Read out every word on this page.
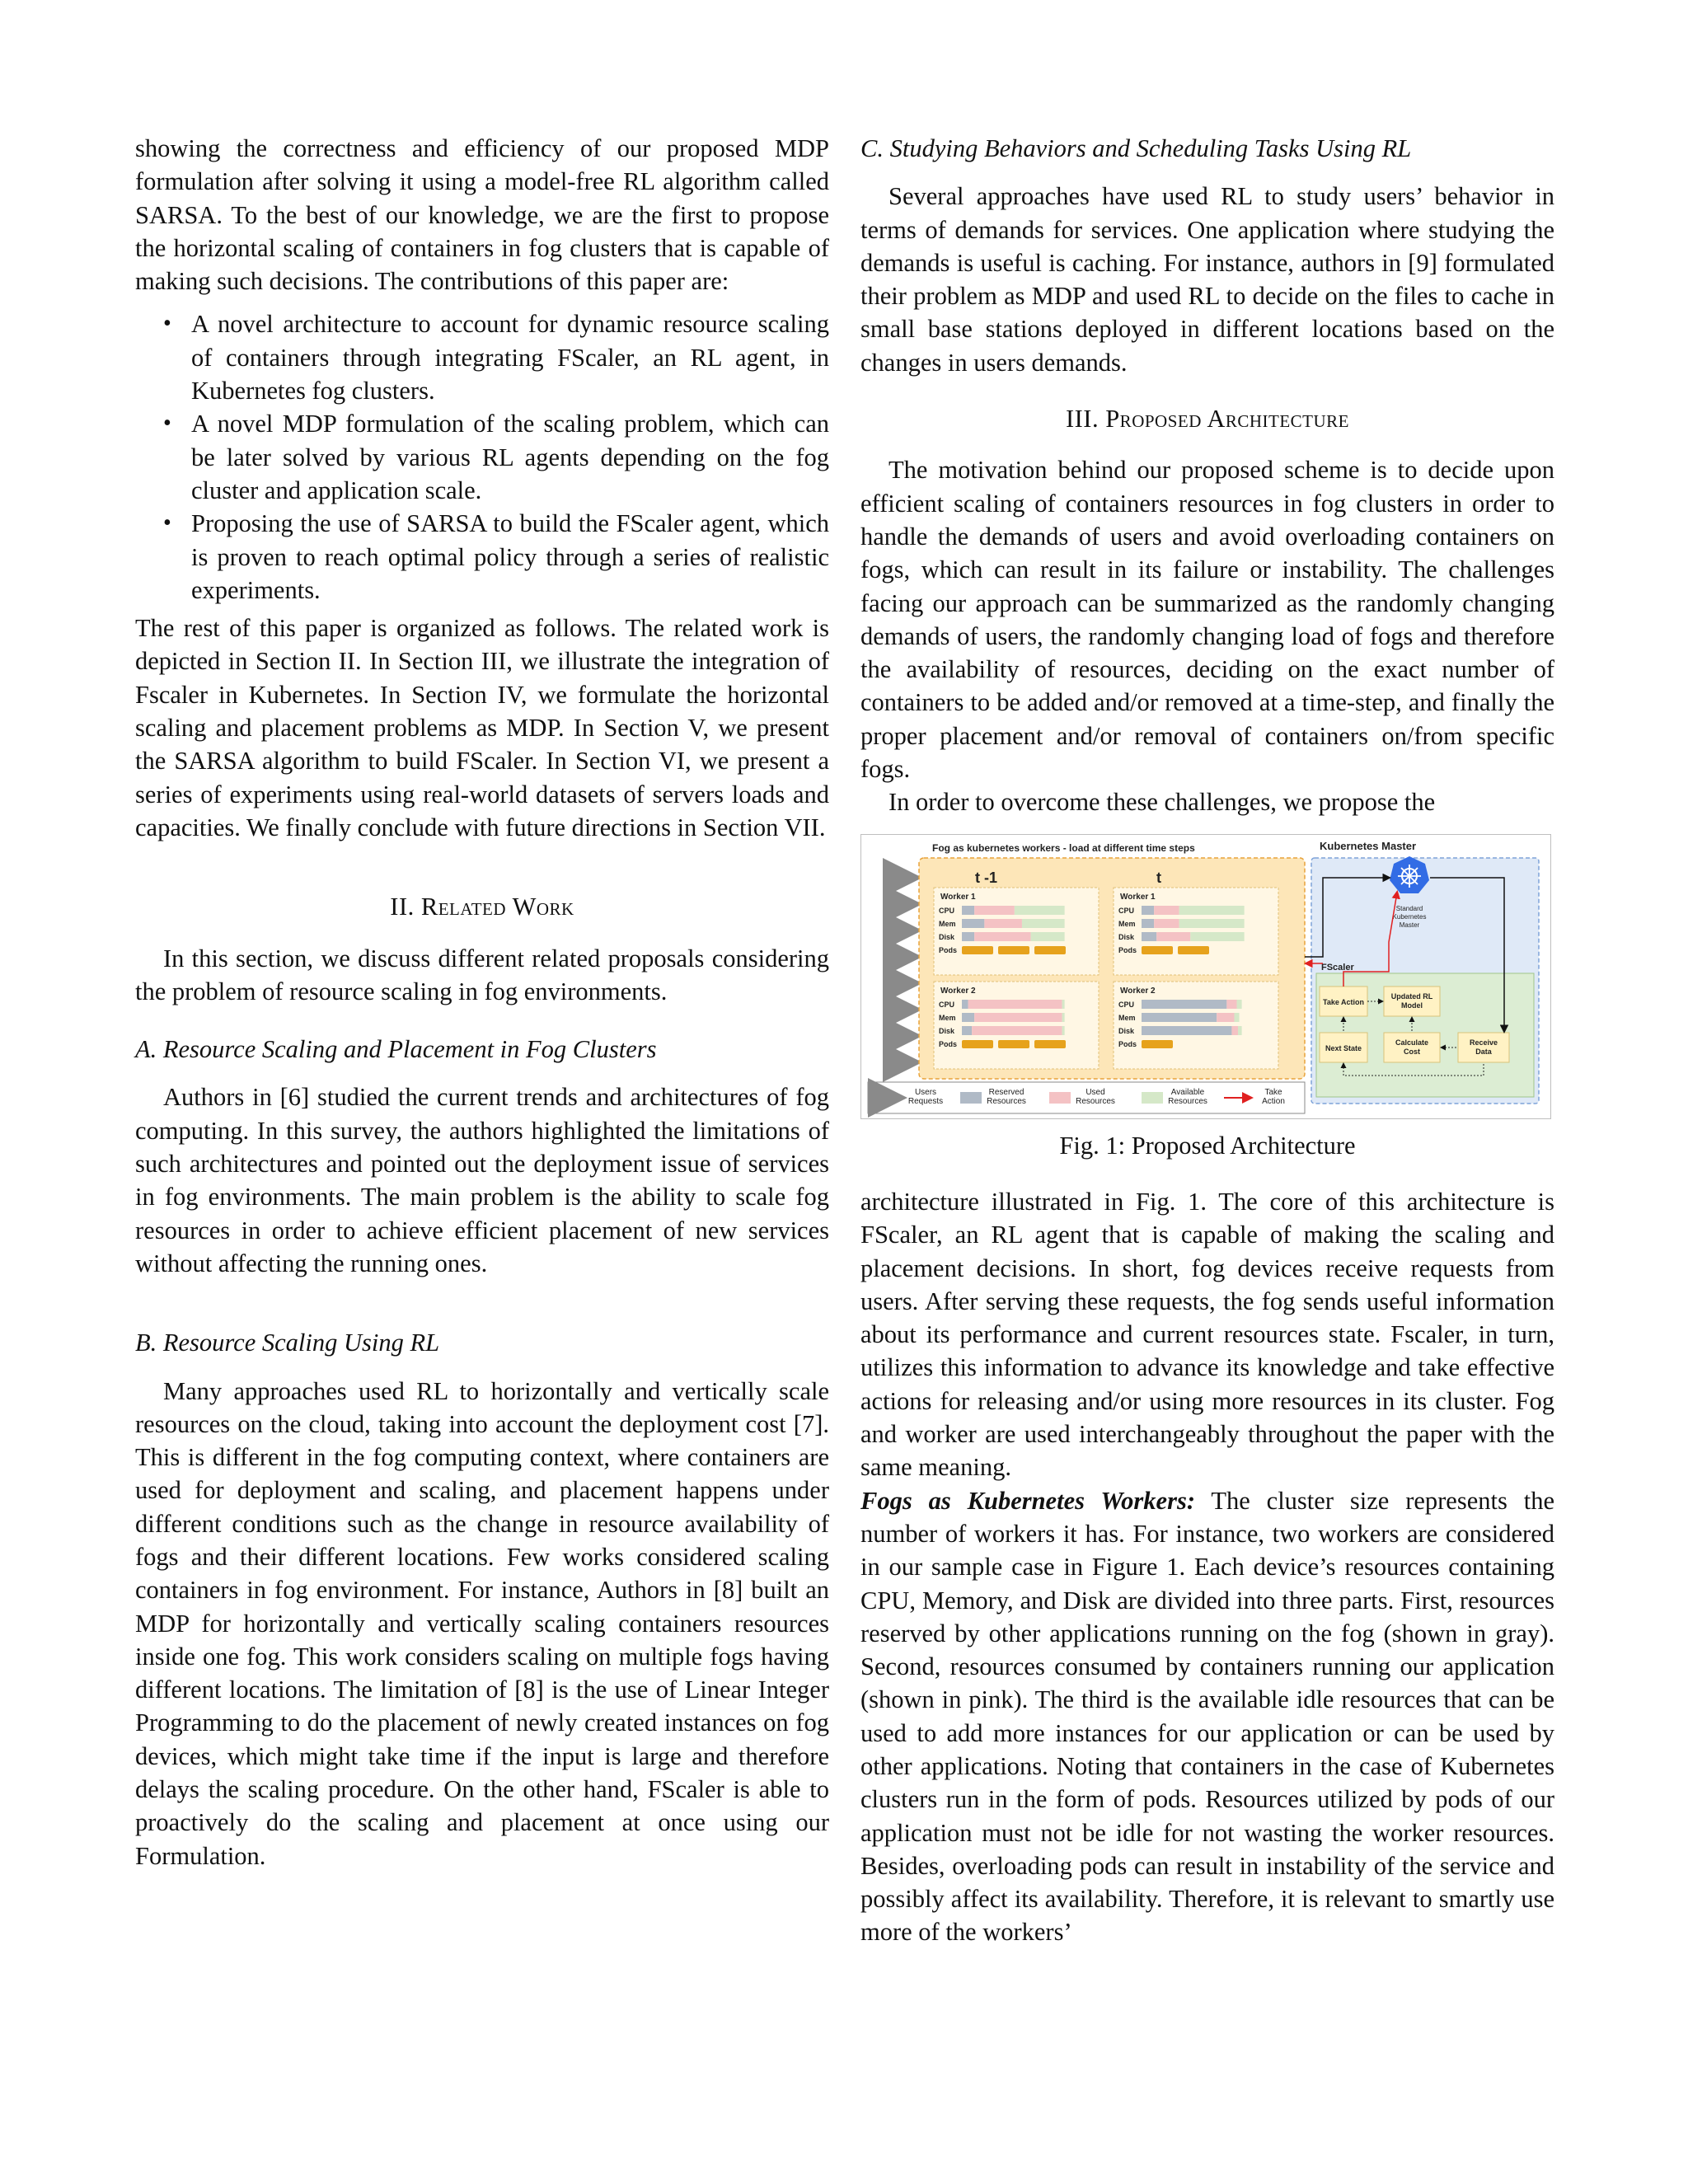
showing the correctness and efficiency of our proposed MDP formulation after solving it using a model-free RL algorithm called SARSA. To the best of our knowledge, we are the first to propose the horizontal scaling of containers in fog clusters that is capable of making such decisions. The contributions of this paper are:

• A novel architecture to account for dynamic resource scaling of containers through integrating FScaler, an RL agent, in Kubernetes fog clusters.
• A novel MDP formulation of the scaling problem, which can be later solved by various RL agents depending on the fog cluster and application scale.
• Proposing the use of SARSA to build the FScaler agent, which is proven to reach optimal policy through a series of realistic experiments.

The rest of this paper is organized as follows. The related work is depicted in Section II. In Section III, we illustrate the integration of Fscaler in Kubernetes. In Section IV, we formulate the horizontal scaling and placement problems as MDP. In Section V, we present the SARSA algorithm to build FScaler. In Section VI, we present a series of experiments using real-world datasets of servers loads and capacities. We finally conclude with future directions in Section VII.

II. Related Work

In this section, we discuss different related proposals considering the problem of resource scaling in fog environments.

A. Resource Scaling and Placement in Fog Clusters

Authors in [6] studied the current trends and architectures of fog computing. In this survey, the authors highlighted the limitations of such architectures and pointed out the deployment issue of services in fog environments. The main problem is the ability to scale fog resources in order to achieve efficient placement of new services without affecting the running ones.

B. Resource Scaling Using RL

Many approaches used RL to horizontally and vertically scale resources on the cloud, taking into account the deployment cost [7]. This is different in the fog computing context, where containers are used for deployment and scaling, and placement happens under different conditions such as the change in resource availability of fogs and their different locations. Few works considered scaling containers in fog environment. For instance, Authors in [8] built an MDP for horizontally and vertically scaling containers resources inside one fog. This work considers scaling on multiple fogs having different locations. The limitation of [8] is the use of Linear Integer Programming to do the placement of newly created instances on fog devices, which might take time if the input is large and therefore delays the scaling procedure. On the other hand, FScaler is able to proactively do the scaling and placement at once using our Formulation.

C. Studying Behaviors and Scheduling Tasks Using RL

Several approaches have used RL to study users’ behavior in terms of demands for services. One application where studying the demands is useful is caching. For instance, authors in [9] formulated their problem as MDP and used RL to decide on the files to cache in small base stations deployed in different locations based on the changes in users demands.

III. Proposed Architecture

The motivation behind our proposed scheme is to decide upon efficient scaling of containers resources in fog clusters in order to handle the demands of users and avoid overloading containers on fogs, which can result in its failure or instability. The challenges facing our approach can be summarized as the randomly changing demands of users, the randomly changing load of fogs and therefore the availability of resources, deciding on the exact number of containers to be added and/or removed at a time-step, and finally the proper placement and/or removal of containers on/from specific fogs.

In order to overcome these challenges, we propose the

Fog as kubernetes workers - load at different time steps
t -1	t
Worker 1
CPU
Mem
Disk
Pods
Worker 1
CPU
Mem
Disk
Pods
Worker 2
CPU
Mem
Disk
Pods
Worker 2
CPU
Mem
Disk
Pods
Kubernetes Master
Standard Kubernetes Master
FScaler
Take Action
Updated RL Model
Next State
Calculate Cost
Receive Data
Users Requests
Reserved Resources
Used Resources
Available Resources
Take Action
Fig. 1: Proposed Architecture

architecture illustrated in Fig. 1. The core of this architecture is FScaler, an RL agent that is capable of making the scaling and placement decisions. In short, fog devices receive requests from users. After serving these requests, the fog sends useful information about its performance and current resources state. Fscaler, in turn, utilizes this information to advance its knowledge and take effective actions for releasing and/or using more resources in its cluster. Fog and worker are used interchangeably throughout the paper with the same meaning.

Fogs as Kubernetes Workers: The cluster size represents the number of workers it has. For instance, two workers are considered in our sample case in Figure 1. Each device’s resources containing CPU, Memory, and Disk are divided into three parts. First, resources reserved by other applications running on the fog (shown in gray). Second, resources consumed by containers running our application (shown in pink). The third is the available idle resources that can be used to add more instances for our application or can be used by other applications. Noting that containers in the case of Kubernetes clusters run in the form of pods. Resources utilized by pods of our application must not be idle for not wasting the worker resources. Besides, overloading pods can result in instability of the service and possibly affect its availability. Therefore, it is relevant to smartly use more of the workers’
